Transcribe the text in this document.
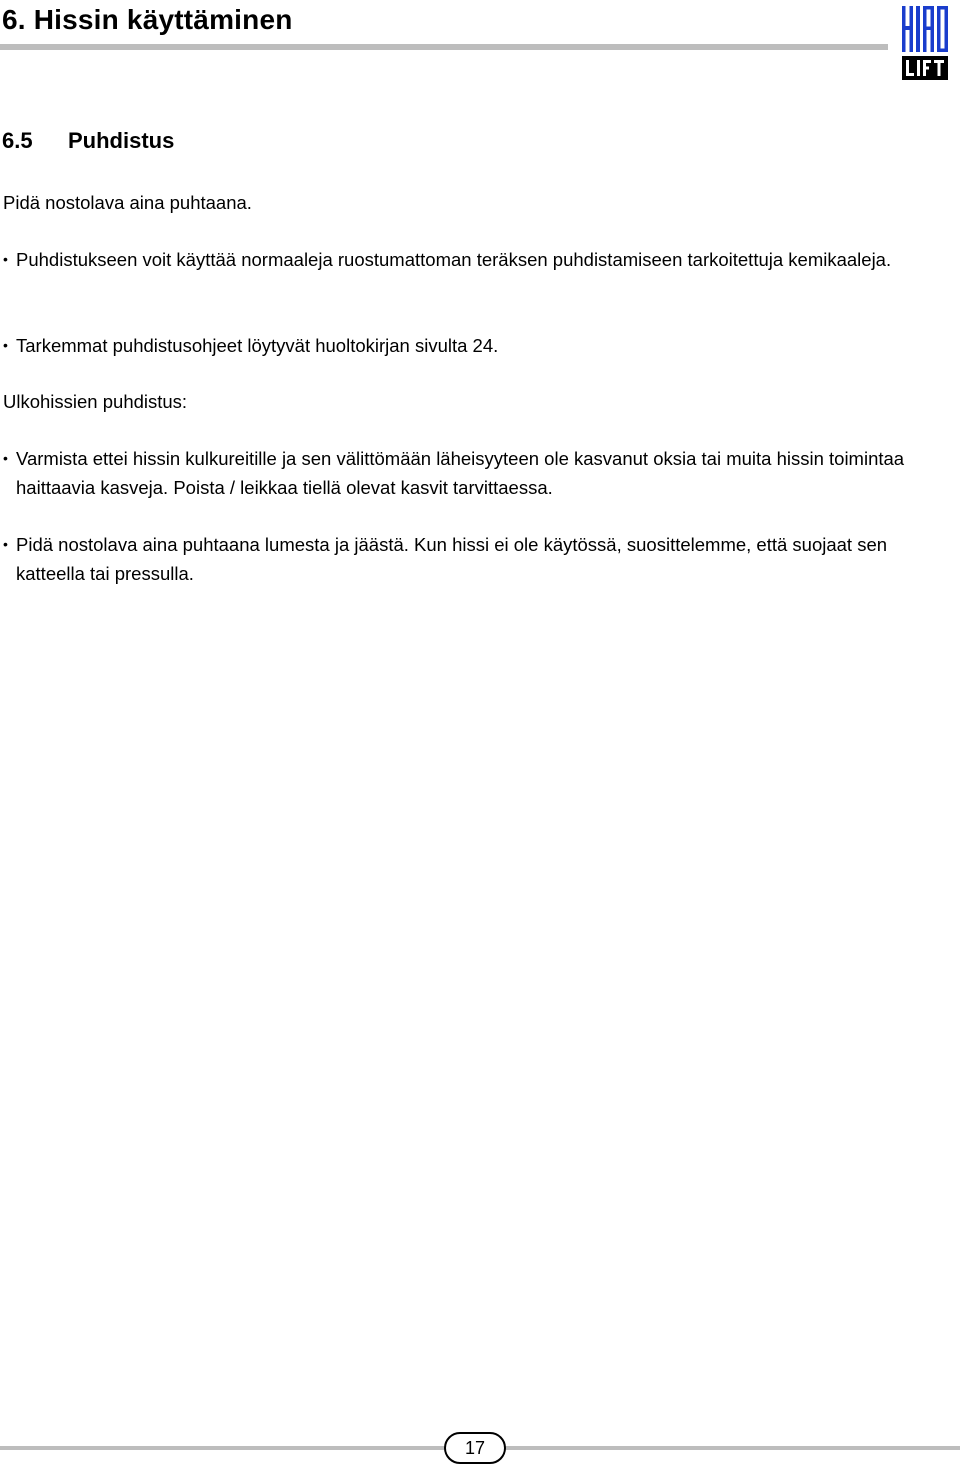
6. Hissin käyttäminen
6.5 Puhdistus
Pidä nostolava aina puhtaana.
• Puhdistukseen voit käyttää normaaleja ruostumattoman teräksen puhdistamiseen tarkoitettuja kemikaaleja.
• Tarkemmat puhdistusohjeet löytyvät huoltokirjan sivulta 24.
Ulkohissien puhdistus:
• Varmista ettei hissin kulkureitille ja sen välittömään läheisyyteen ole kasvanut oksia tai muita hissin toimintaa haittaavia kasveja. Poista / leikkaa tiellä olevat kasvit tarvittaessa.
• Pidä nostolava aina puhtaana lumesta ja jäästä. Kun hissi ei ole käytössä, suosittelemme, että suojaat sen katteella tai pressulla.
17
